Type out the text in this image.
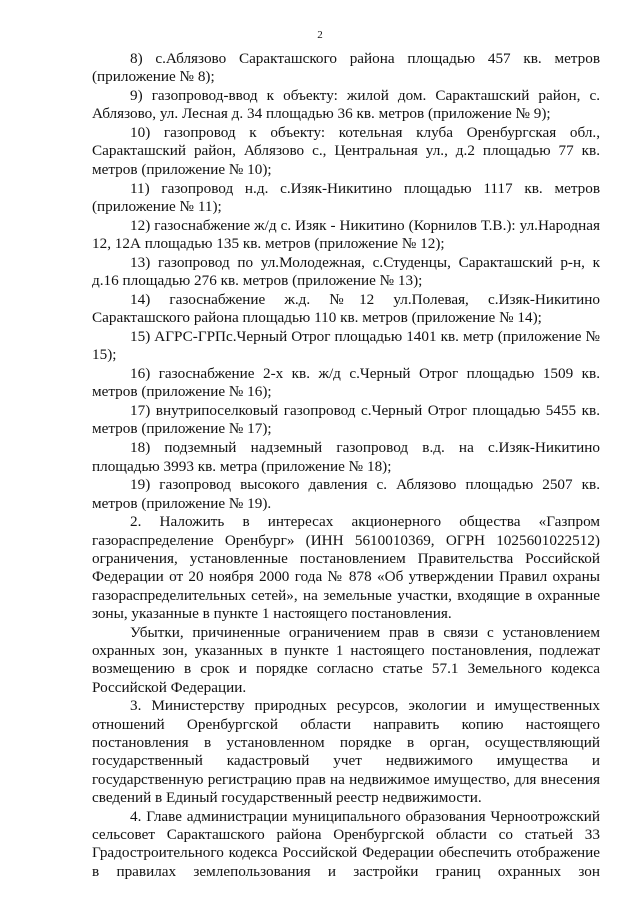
2

8) с.Аблязово Саракташского района площадью 457 кв. метров (приложение № 8);

9) газопровод-ввод к объекту: жилой дом. Саракташский район, с. Аблязово, ул. Лесная д. 34 площадью 36 кв. метров (приложение № 9);

10) газопровод к объекту: котельная клуба Оренбургская обл., Саракташский район, Аблязово с., Центральная ул., д.2 площадью 77 кв. метров (приложение № 10);

11) газопровод н.д. с.Изяк-Никитино площадью 1117 кв. метров (приложение № 11);

12) газоснабжение ж/д с. Изяк - Никитино (Корнилов Т.В.): ул.Народная 12, 12А площадью 135 кв. метров (приложение № 12);

13) газопровод по ул.Молодежная, с.Студенцы, Саракташский р-н, к д.16 площадью 276 кв. метров (приложение № 13);

14) газоснабжение ж.д. №12 ул.Полевая, с.Изяк-Никитино Саракташского района площадью 110 кв. метров (приложение № 14);

15) АГРС-ГРПс.Черный Отрог площадью 1401 кв. метр (приложение № 15);

16) газоснабжение 2-х кв. ж/д с.Черный Отрог площадью 1509 кв. метров (приложение № 16);

17) внутрипоселковый газопровод с.Черный Отрог площадью 5455 кв. метров (приложение № 17);

18) подземный надземный газопровод в.д. на с.Изяк-Никитино площадью 3993 кв. метра (приложение № 18);

19) газопровод высокого давления с. Аблязово площадью 2507 кв. метров (приложение № 19).

2. Наложить в интересах акционерного общества «Газпром газораспределение Оренбург» (ИНН 5610010369, ОГРН 1025601022512) ограничения, установленные постановлением Правительства Российской Федерации от 20 ноября 2000 года № 878 «Об утверждении Правил охраны газораспределительных сетей», на земельные участки, входящие в охранные зоны, указанные в пункте 1 настоящего постановления.

Убытки, причиненные ограничением прав в связи с установлением охранных зон, указанных в пункте 1 настоящего постановления, подлежат возмещению в срок и порядке согласно статье 57.1 Земельного кодекса Российской Федерации.

3. Министерству природных ресурсов, экологии и имущественных отношений Оренбургской области направить копию настоящего постановления в установленном порядке в орган, осуществляющий государственный кадастровый учет недвижимого имущества и государственную регистрацию прав на недвижимое имущество, для внесения сведений в Единый государственный реестр недвижимости.

4. Главе администрации муниципального образования Черноотрожский сельсовет Саракташского района Оренбургской области со статьей 33 Градостроительного кодекса Российской Федерации обеспечить отображение в правилах землепользования и застройки границ охранных зон
